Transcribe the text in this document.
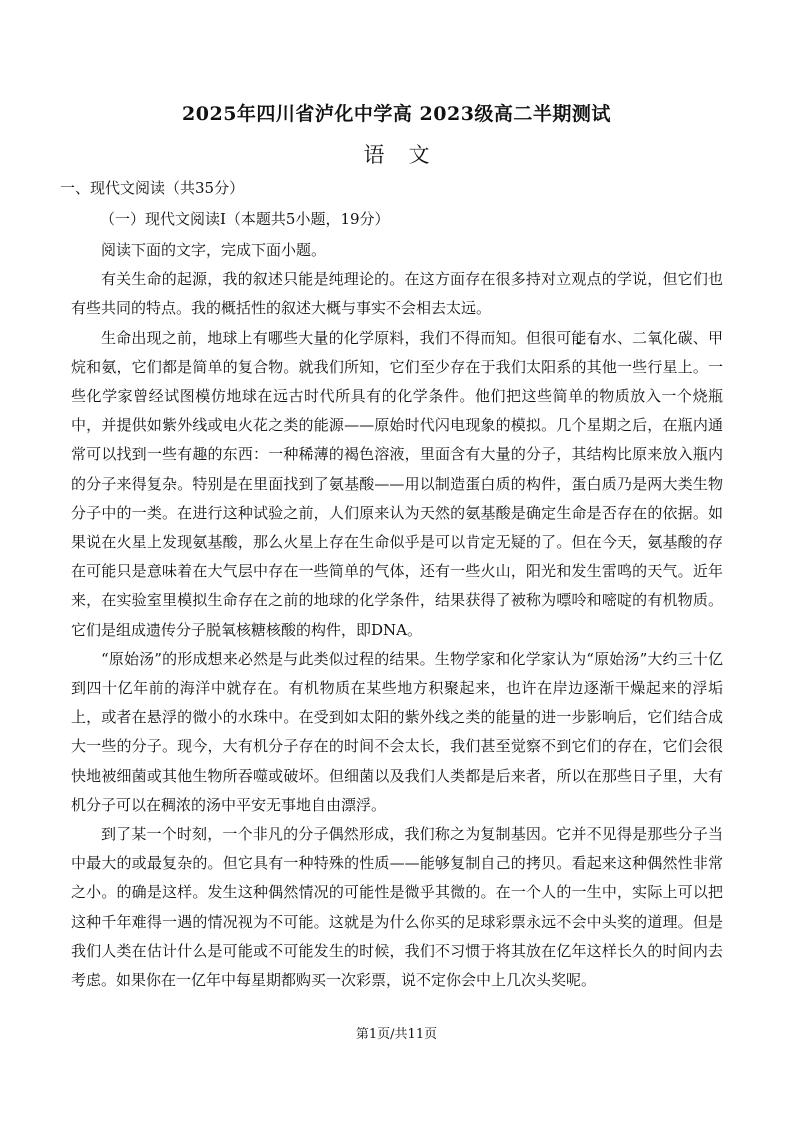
2025年四川省泸化中学高 2023级高二半期测试
语文
一、现代文阅读（共35分）
（一）现代文阅读Ⅰ（本题共5小题，19分）

阅读下面的文字，完成下面小题。

有关生命的起源，我的叙述只能是纯理论的。在这方面存在很多持对立观点的学说，但它们也有些共同的特点。我的概括性的叙述大概与事实不会相去太远。

生命出现之前，地球上有哪些大量的化学原料，我们不得而知。但很可能有水、二氧化碳、甲烷和氨，它们都是简单的复合物。就我们所知，它们至少存在于我们太阳系的其他一些行星上。一些化学家曾经试图模仿地球在远古时代所具有的化学条件。他们把这些简单的物质放入一个烧瓶中，并提供如紫外线或电火花之类的能源——原始时代闪电现象的模拟。几个星期之后，在瓶内通常可以找到一些有趣的东西：一种稀薄的褐色溶液，里面含有大量的分子，其结构比原来放入瓶内的分子来得复杂。特别是在里面找到了氨基酸——用以制造蛋白质的构件，蛋白质乃是两大类生物分子中的一类。在进行这种试验之前，人们原来认为天然的氨基酸是确定生命是否存在的依据。如果说在火星上发现氨基酸，那么火星上存在生命似乎是可以肯定无疑的了。但在今天，氨基酸的存在可能只是意味着在大气层中存在一些简单的气体，还有一些火山，阳光和发生雷鸣的天气。近年来，在实验室里模拟生命存在之前的地球的化学条件，结果获得了被称为嘌呤和嘧啶的有机物质。它们是组成遗传分子脱氧核糖核酸的构件，即DNA。

“原始汤”的形成想来必然是与此类似过程的结果。生物学家和化学家认为“原始汤”大约三十亿到四十亿年前的海洋中就存在。有机物质在某些地方积聚起来，也许在岸边逐渐干燥起来的浮垢上，或者在悬浮的微小的水珠中。在受到如太阳的紫外线之类的能量的进一步影响后，它们结合成大一些的分子。现今，大有机分子存在的时间不会太长，我们甚至觉察不到它们的存在，它们会很快地被细菌或其他生物所吞噬或破坏。但细菌以及我们人类都是后来者，所以在那些日子里，大有机分子可以在稠浓的汤中平安无事地自由漂浮。

到了某一个时刻，一个非凡的分子偶然形成，我们称之为复制基因。它并不见得是那些分子当中最大的或最复杂的。但它具有一种特殊的性质——能够复制自己的拷贝。看起来这种偶然性非常之小。的确是这样。发生这种偶然情况的可能性是微乎其微的。在一个人的一生中，实际上可以把这种千年难得一遇的情况视为不可能。这就是为什么你买的足球彩票永远不会中头奖的道理。但是我们人类在估计什么是可能或不可能发生的时候，我们不习惯于将其放在亿年这样长久的时间内去考虑。如果你在一亿年中每星期都购买一次彩票，说不定你会中上几次头奖呢。

第1页/共11页
